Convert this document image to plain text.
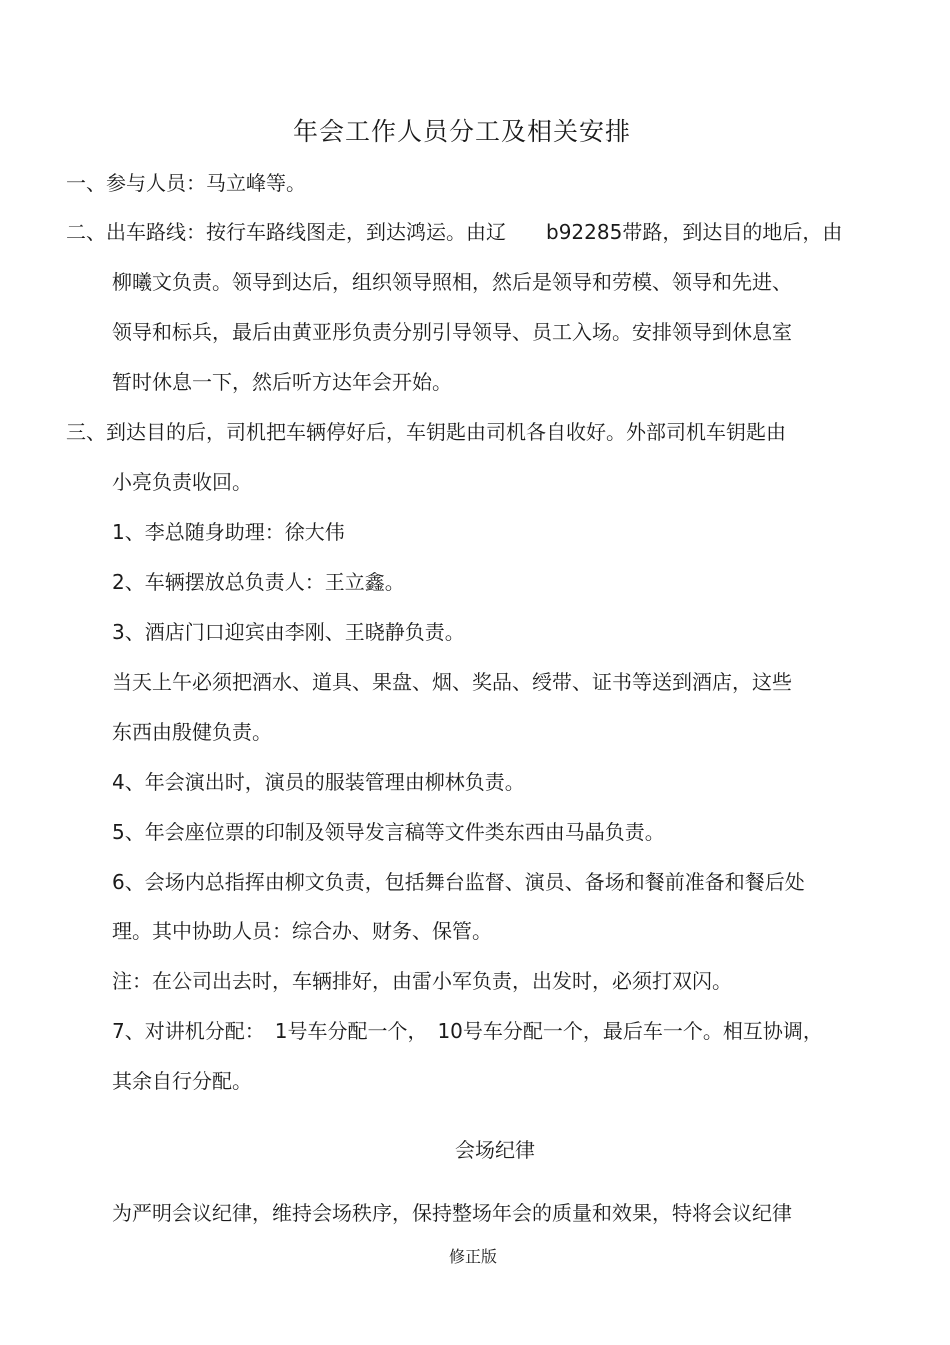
年会工作人员分工及相关安排
一、参与人员：马立峰等。
二、出车路线：按行车路线图走，到达鸿运。由辽　　b92285带路，到达目的地后，由
柳曦文负责。领导到达后，组织领导照相，然后是领导和劳模、领导和先进、
领导和标兵，最后由黄亚彤负责分别引导领导、员工入场。安排领导到休息室
暂时休息一下，然后听方达年会开始。
三、到达目的后，司机把车辆停好后，车钥匙由司机各自收好。外部司机车钥匙由
小亮负责收回。
1、李总随身助理：徐大伟
2、车辆摆放总负责人：王立鑫。
3、酒店门口迎宾由李刚、王晓静负责。
当天上午必须把酒水、道具、果盘、烟、奖品、绶带、证书等送到酒店，这些
东西由殷健负责。
4、年会演出时，演员的服装管理由柳林负责。
5、年会座位票的印制及领导发言稿等文件类东西由马晶负责。
6、会场内总指挥由柳文负责，包括舞台监督、演员、备场和餐前准备和餐后处
理。其中协助人员：综合办、财务、保管。
注：在公司出去时，车辆排好，由雷小军负责，出发时，必须打双闪。
7、对讲机分配：　1号车分配一个，　10号车分配一个，最后车一个。相互协调，
其余自行分配。
会场纪律
为严明会议纪律，维持会场秩序，保持整场年会的质量和效果，特将会议纪律
修正版
